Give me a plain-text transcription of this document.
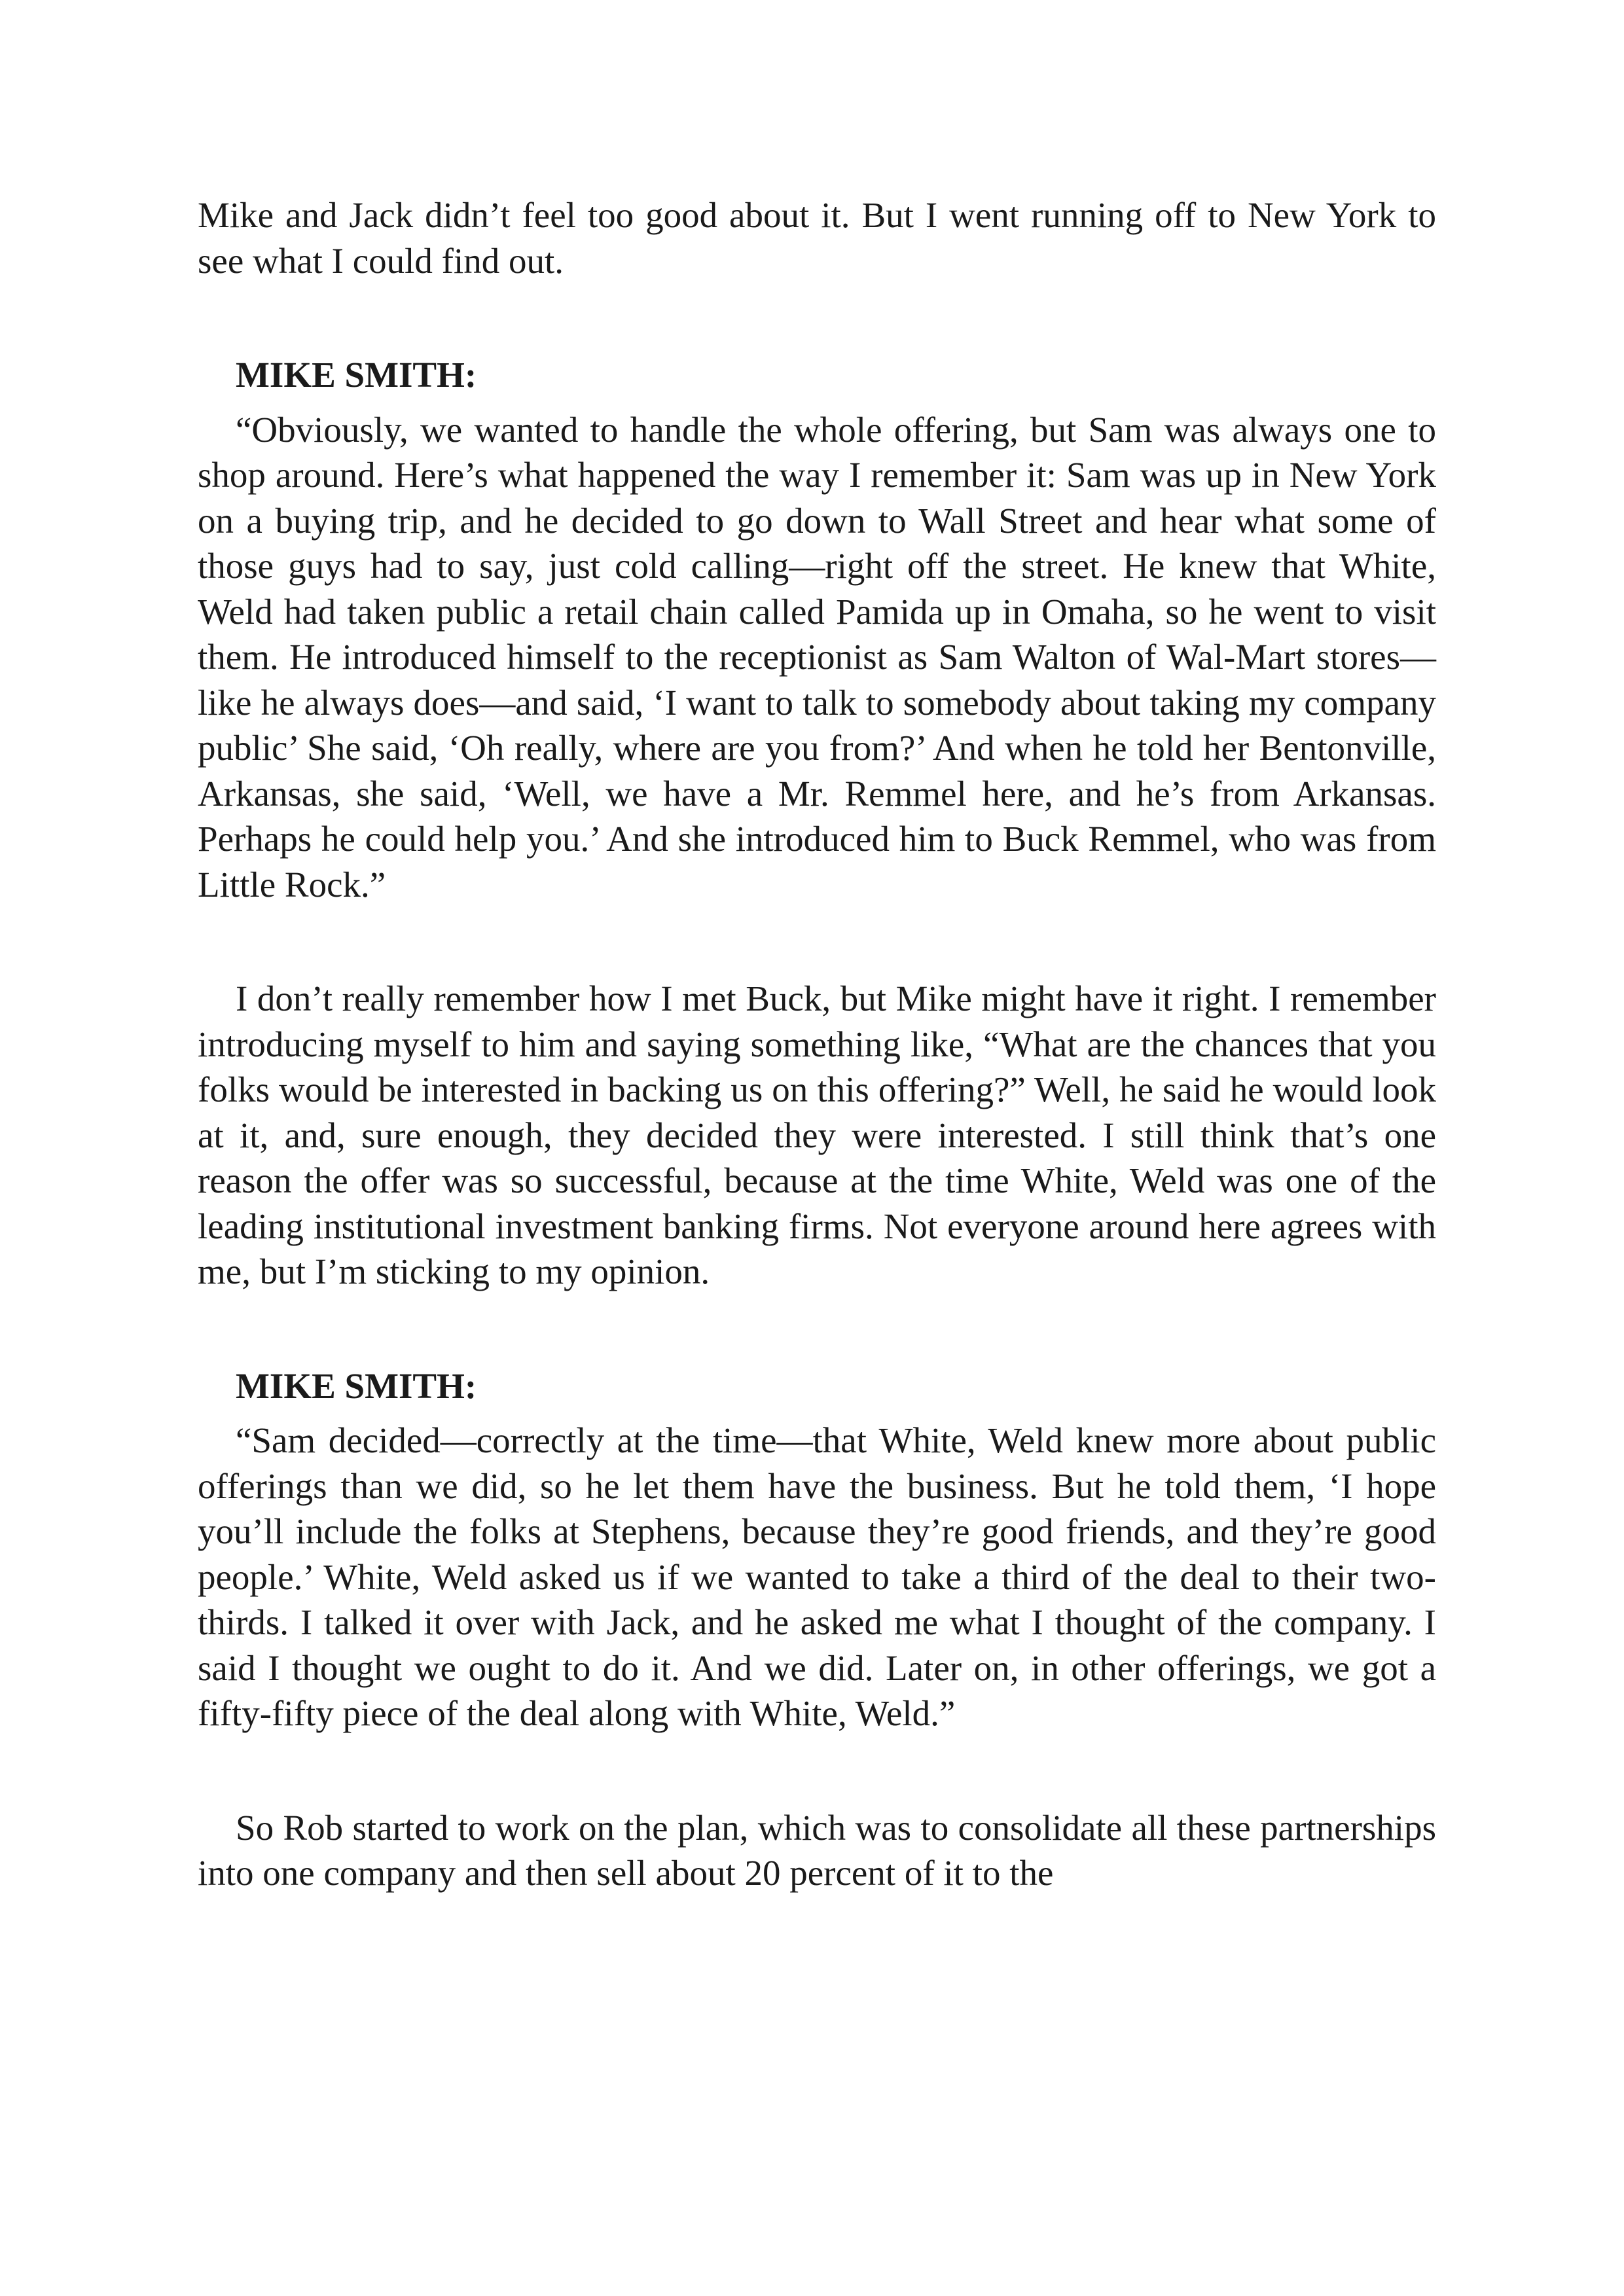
Mike and Jack didn’t feel too good about it. But I went running off to New York to see what I could find out.

MIKE SMITH:

“Obviously, we wanted to handle the whole offering, but Sam was always one to shop around. Here’s what happened the way I remember it: Sam was up in New York on a buying trip, and he decided to go down to Wall Street and hear what some of those guys had to say, just cold calling—right off the street. He knew that White, Weld had taken public a retail chain called Pamida up in Omaha, so he went to visit them. He introduced himself to the receptionist as Sam Walton of Wal-Mart stores—like he always does—and said, ‘I want to talk to somebody about taking my company public’ She said, ‘Oh really, where are you from?’ And when he told her Bentonville, Arkansas, she said, ‘Well, we have a Mr. Remmel here, and he’s from Arkansas. Perhaps he could help you.’ And she introduced him to Buck Remmel, who was from Little Rock.”

I don’t really remember how I met Buck, but Mike might have it right. I remember introducing myself to him and saying something like, “What are the chances that you folks would be interested in backing us on this offering?” Well, he said he would look at it, and, sure enough, they decided they were interested. I still think that’s one reason the offer was so successful, because at the time White, Weld was one of the leading institutional investment banking firms. Not everyone around here agrees with me, but I’m sticking to my opinion.

MIKE SMITH:

“Sam decided—correctly at the time—that White, Weld knew more about public offerings than we did, so he let them have the business. But he told them, ‘I hope you’ll include the folks at Stephens, because they’re good friends, and they’re good people.’ White, Weld asked us if we wanted to take a third of the deal to their two-thirds. I talked it over with Jack, and he asked me what I thought of the company. I said I thought we ought to do it. And we did. Later on, in other offerings, we got a fifty-fifty piece of the deal along with White, Weld.”

So Rob started to work on the plan, which was to consolidate all these partnerships into one company and then sell about 20 percent of it to the
